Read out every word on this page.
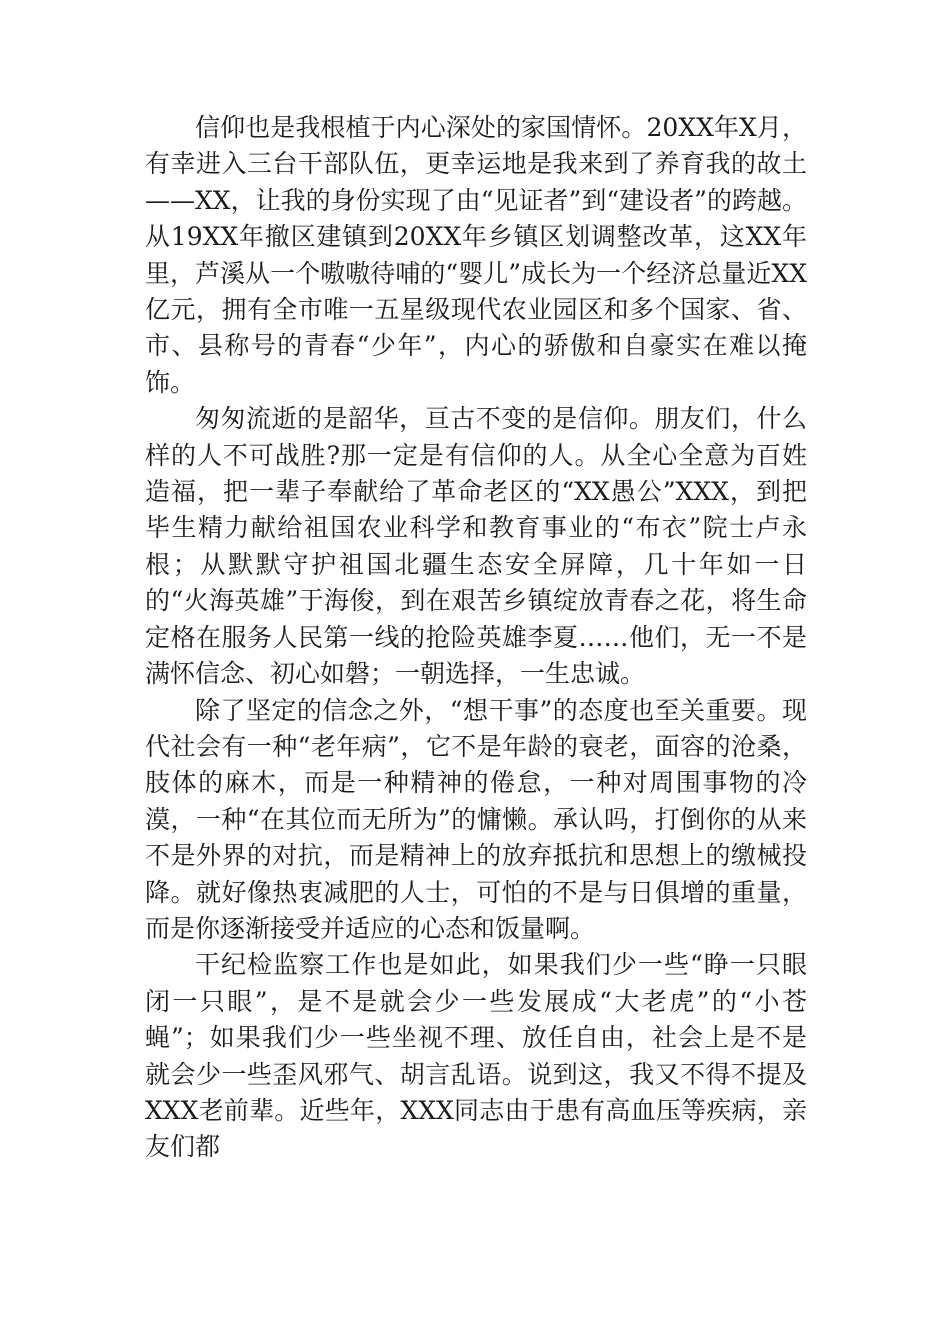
信仰也是我根植于内心深处的家国情怀。20XX年X月，有幸进入三台干部队伍，更幸运地是我来到了养育我的故土——XX，让我的身份实现了由“见证者”到“建设者”的跨越。从19XX年撤区建镇到20XX年乡镇区划调整改革，这XX年里，芦溪从一个嗷嗷待哺的“婴儿”成长为一个经济总量近XX亿元，拥有全市唯一五星级现代农业园区和多个国家、省、市、县称号的青春“少年”，内心的骄傲和自豪实在难以掩饰。

匆匆流逝的是韶华，亘古不变的是信仰。朋友们，什么样的人不可战胜?那一定是有信仰的人。从全心全意为百姓造福，把一辈子奉献给了革命老区的“XX愚公”XXX，到把毕生精力献给祖国农业科学和教育事业的“布衣”院士卢永根；从默默守护祖国北疆生态安全屏障，几十年如一日的“火海英雄”于海俊，到在艰苦乡镇绽放青春之花，将生命定格在服务人民第一线的抢险英雄李夏……他们，无一不是满怀信念、初心如磐；一朝选择，一生忠诚。

除了坚定的信念之外，“想干事”的态度也至关重要。现代社会有一种“老年病”，它不是年龄的衰老，面容的沧桑，肢体的麻木，而是一种精神的倦怠，一种对周围事物的冷漠，一种“在其位而无所为”的慵懒。承认吗，打倒你的从来不是外界的对抗，而是精神上的放弃抵抗和思想上的缴械投降。就好像热衷减肥的人士，可怕的不是与日俱增的重量，而是你逐渐接受并适应的心态和饭量啊。

干纪检监察工作也是如此，如果我们少一些“睁一只眼闭一只眼”，是不是就会少一些发展成“大老虎”的“小苍蝇”；如果我们少一些坐视不理、放任自由，社会上是不是就会少一些歪风邪气、胡言乱语。说到这，我又不得不提及XXX老前辈。近些年，XXX同志由于患有高血压等疾病，亲友们都
